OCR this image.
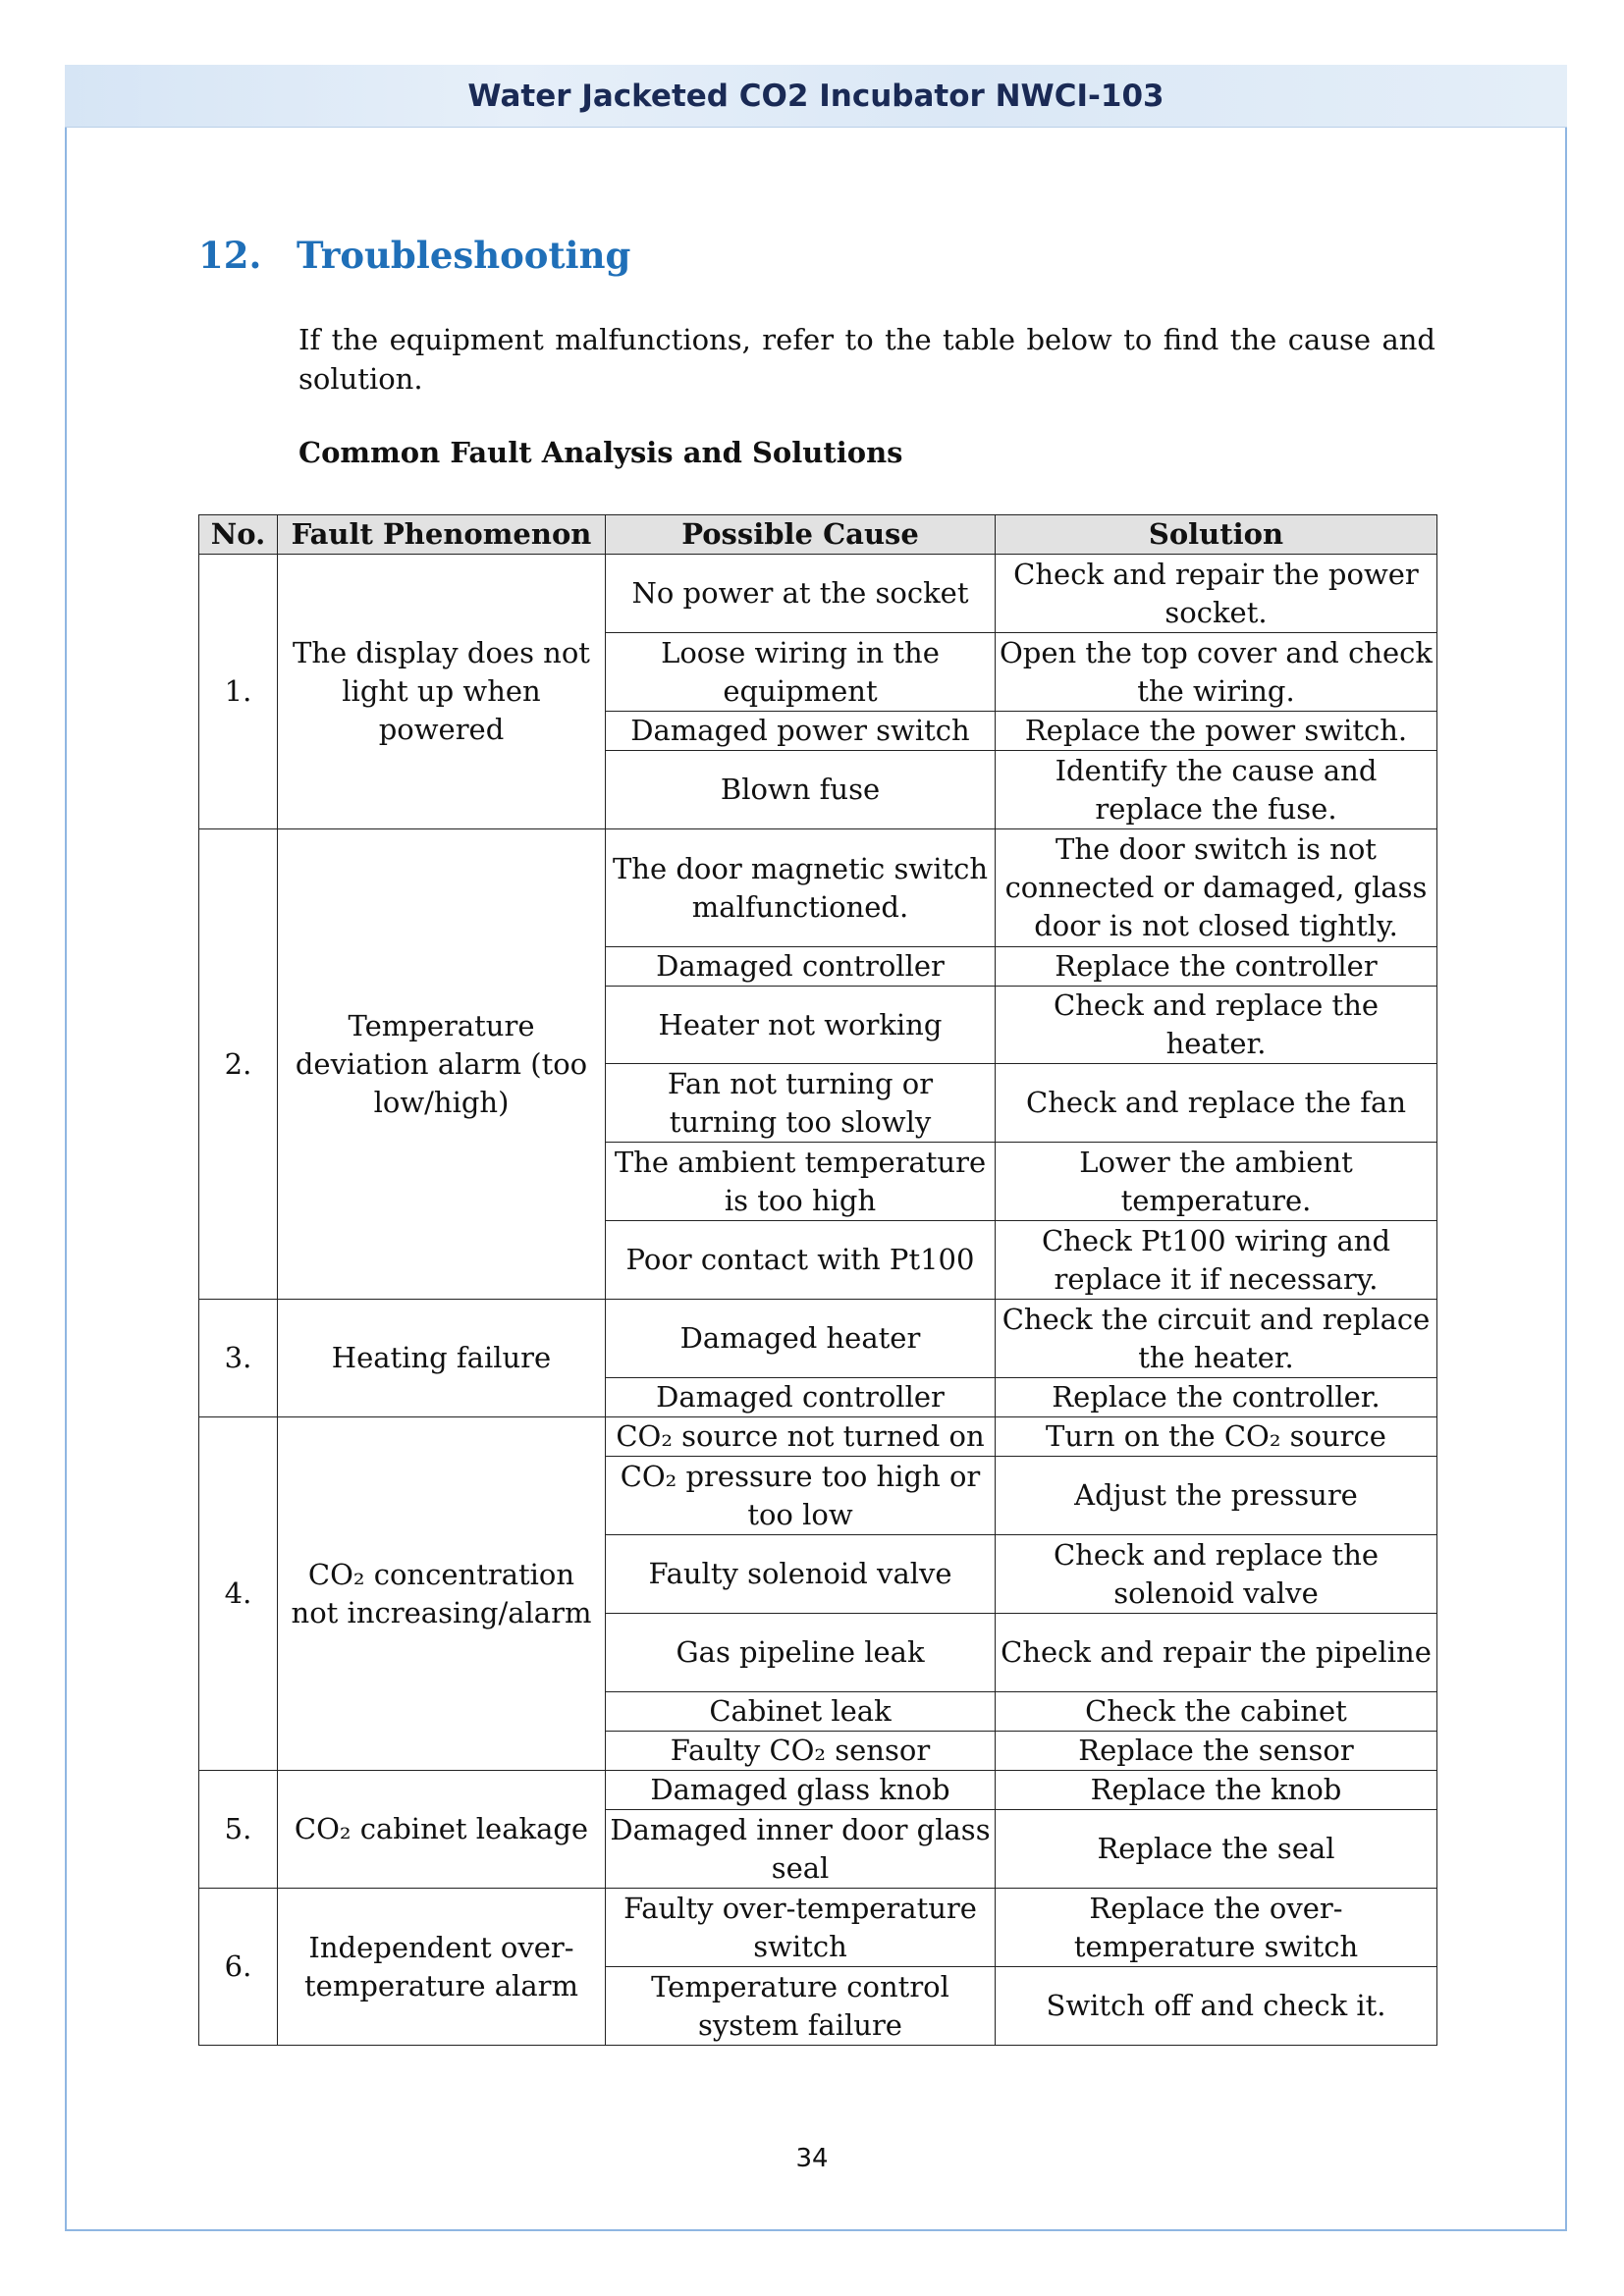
Water Jacketed CO2 Incubator NWCI-103
12. Troubleshooting
If the equipment malfunctions, refer to the table below to find the cause and solution.
Common Fault Analysis and Solutions
No.	Fault Phenomenon	Possible Cause	Solution
1.	The display does not light up when powered	No power at the socket	Check and repair the power socket.
		Loose wiring in the equipment	Open the top cover and check the wiring.
		Damaged power switch	Replace the power switch.
		Blown fuse	Identify the cause and replace the fuse.
2.	Temperature deviation alarm (too low/high)	The door magnetic switch malfunctioned.	The door switch is not connected or damaged, glass door is not closed tightly.
		Damaged controller	Replace the controller
		Heater not working	Check and replace the heater.
		Fan not turning or turning too slowly	Check and replace the fan
		The ambient temperature is too high	Lower the ambient temperature.
		Poor contact with Pt100	Check Pt100 wiring and replace it if necessary.
3.	Heating failure	Damaged heater	Check the circuit and replace the heater.
		Damaged controller	Replace the controller.
4.	CO₂ concentration not increasing/alarm	CO₂ source not turned on	Turn on the CO₂ source
		CO₂ pressure too high or too low	Adjust the pressure
		Faulty solenoid valve	Check and replace the solenoid valve
		Gas pipeline leak	Check and repair the pipeline
		Cabinet leak	Check the cabinet
		Faulty CO₂ sensor	Replace the sensor
5.	CO₂ cabinet leakage	Damaged glass knob	Replace the knob
		Damaged inner door glass seal	Replace the seal
6.	Independent over-temperature alarm	Faulty over-temperature switch	Replace the over-temperature switch
		Temperature control system failure	Switch off and check it.
34
